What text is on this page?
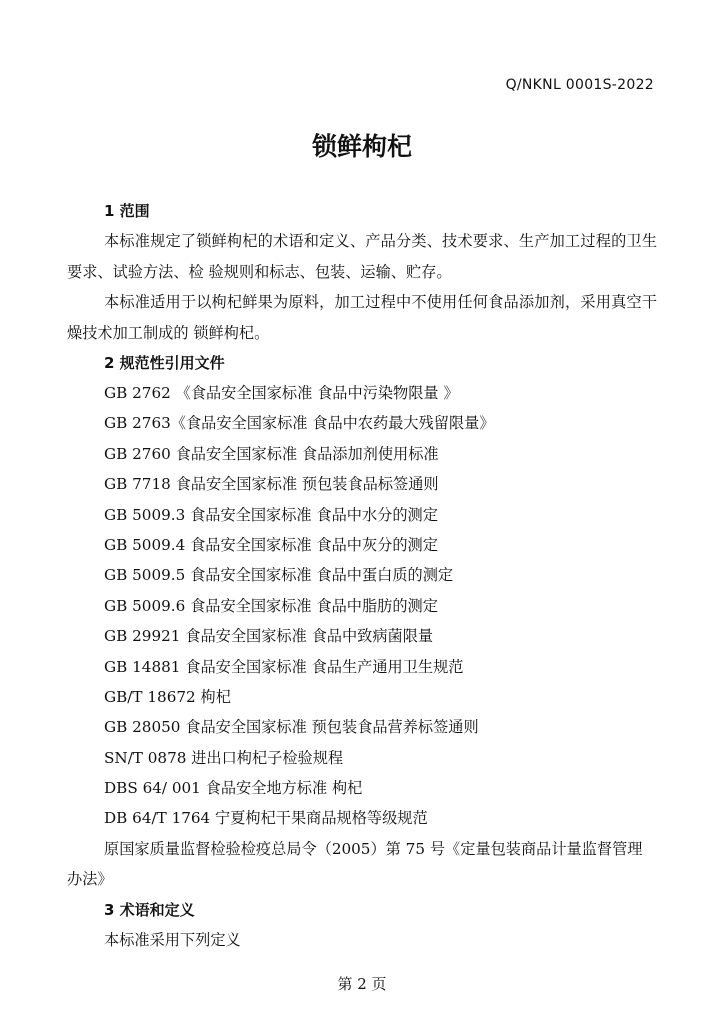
Q/NKNL 0001S-2022
锁鲜枸杞
1 范围

本标准规定了锁鲜枸杞的术语和定义、产品分类、技术要求、生产加工过程的卫生要求、试验方法、检 验规则和标志、包装、运输、贮存。

本标准适用于以枸杞鲜果为原料，加工过程中不使用任何食品添加剂，采用真空干燥技术加工制成的 锁鲜枸杞。

2 规范性引用文件
GB 2762 《食品安全国家标准 食品中污染物限量 》
GB 2763《食品安全国家标准 食品中农药最大残留限量》
GB 2760 食品安全国家标准 食品添加剂使用标准
GB 7718 食品安全国家标准 预包装食品标签通则
GB 5009.3 食品安全国家标准 食品中水分的测定
GB 5009.4 食品安全国家标准 食品中灰分的测定
GB 5009.5 食品安全国家标准 食品中蛋白质的测定
GB 5009.6 食品安全国家标准 食品中脂肪的测定
GB 29921 食品安全国家标准 食品中致病菌限量
GB 14881 食品安全国家标准 食品生产通用卫生规范
GB/T 18672 枸杞
GB 28050 食品安全国家标准 预包装食品营养标签通则
SN/T 0878 进出口枸杞子检验规程
DBS 64/ 001 食品安全地方标准 枸杞
DB 64/T 1764 宁夏枸杞干果商品规格等级规范

原国家质量监督检验检疫总局令（2005）第 75 号《定量包装商品计量监督管理办法》

3 术语和定义

本标准采用下列定义

第 2 页
